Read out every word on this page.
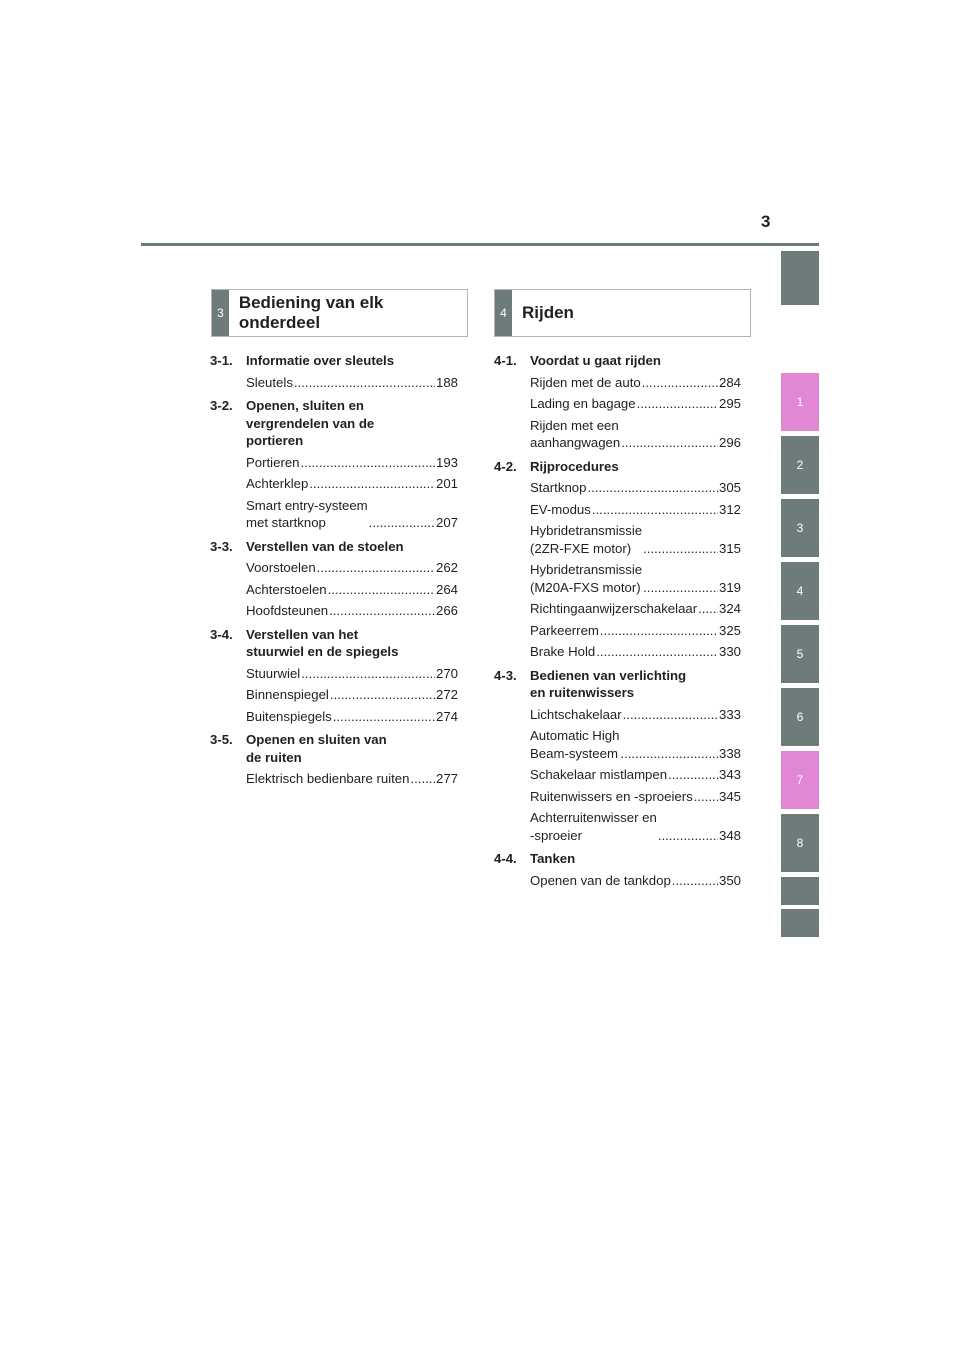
3
1
2
3
4
5
6
7
8
3
Bediening van elk onderdeel	4 Rijden
3-1.	Informatie over sleutels
Sleutels .....	188
3-2.	Openen, sluiten en
vergrendelen van de
portieren
Portieren .....	193
Achterklep .....	201
Smart entry-systeem
met startknop .....	207
3-3.	Verstellen van de stoelen
Voorstoelen .....	262
Achterstoelen .....	264
Hoofdsteunen .....	266
3-4.	Verstellen van het
stuurwiel en de spiegels
Stuurwiel .....	270
Binnenspiegel .....	272
Buitenspiegels .....	274
3-5.	Openen en sluiten van
de ruiten
Elektrisch bedienbare ruiten ..... 277
4-1.	Voordat u gaat rijden
Rijden met de auto .....	284
Lading en bagage .....	295
Rijden met een
aanhangwagen .....	296
4-2.	Rijprocedures
Startknop .....	305
EV-modus .....	312
Hybridetransmissie
(2ZR-FXE motor) .....	315
Hybridetransmissie
(M20A-FXS motor) .....	319
Richtingaanwijzerschakelaar ..... 324
Parkeerrem .....	325
Brake Hold .....	330
4-3.	Bedienen van verlichting
en ruitenwissers
Lichtschakelaar .....	333
Automatic High
Beam-systeem .....	338
Schakelaar mistlampen .....	343
Ruitenwissers en -sproeiers ..... 345
Achterruitenwisser en
-sproeier .....	348
4-4.	Tanken
Openen van de tankdop .....	350
